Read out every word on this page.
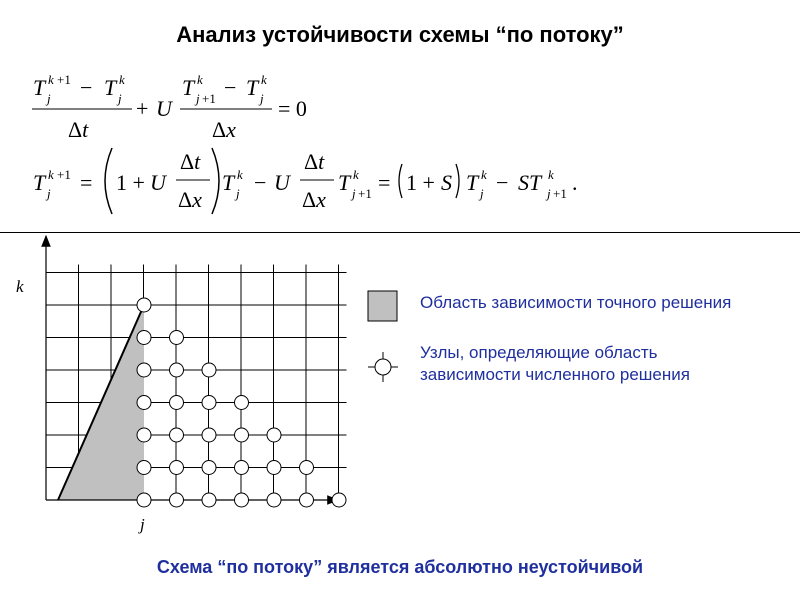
Анализ устойчивости схемы “по потоку”
T k +1
j − T k
j
Δt
+ U
T k
j +1 − T k
j
Δx
= 0
T k +1
j = 1 + U
Δt
Δx
T k
j − U
Δt
Δx
T k
j +1 = 1 + S T k
j − ST k
j +1 .
k
j
Область зависимости точного решения
Узлы, определяющие область
зависимости численного решения
Схема “по потоку” является абсолютно неустойчивой
